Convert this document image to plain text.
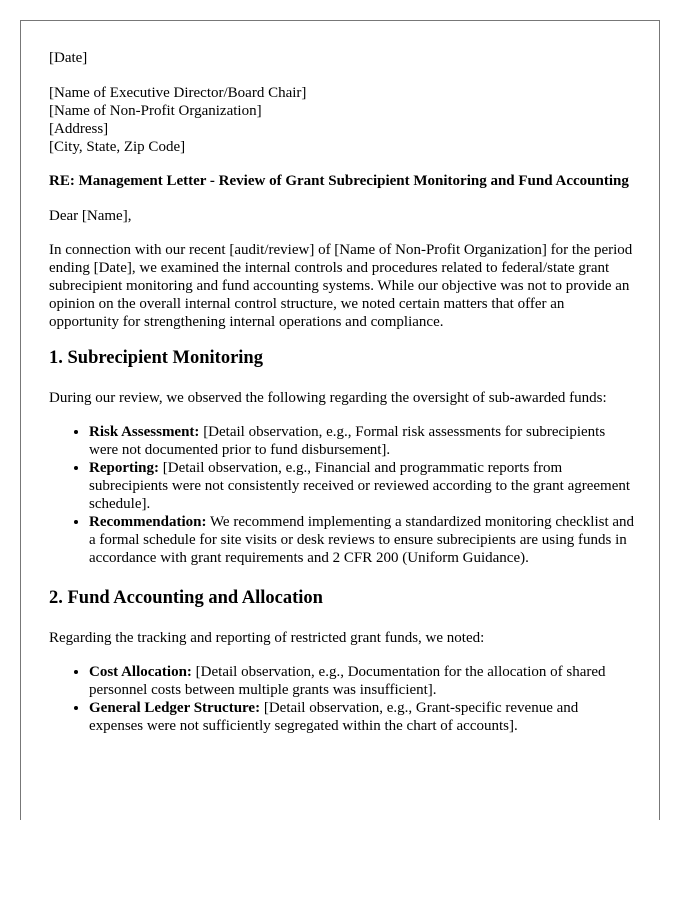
[Date]

[Name of Executive Director/Board Chair]
[Name of Non-Profit Organization]
[Address]
[City, State, Zip Code]

RE: Management Letter - Review of Grant Subrecipient Monitoring and Fund Accounting

Dear [Name],

In connection with our recent [audit/review] of [Name of Non-Profit Organization] for the period ending [Date], we examined the internal controls and procedures related to federal/state grant subrecipient monitoring and fund accounting systems. While our objective was not to provide an opinion on the overall internal control structure, we noted certain matters that offer an opportunity for strengthening internal operations and compliance.

1. Subrecipient Monitoring

During our review, we observed the following regarding the oversight of sub-awarded funds:

• Risk Assessment: [Detail observation, e.g., Formal risk assessments for subrecipients were not documented prior to fund disbursement].
• Reporting: [Detail observation, e.g., Financial and programmatic reports from subrecipients were not consistently received or reviewed according to the grant agreement schedule].
• Recommendation: We recommend implementing a standardized monitoring checklist and a formal schedule for site visits or desk reviews to ensure subrecipients are using funds in accordance with grant requirements and 2 CFR 200 (Uniform Guidance).
2. Fund Accounting and Allocation

Regarding the tracking and reporting of restricted grant funds, we noted:

• Cost Allocation: [Detail observation, e.g., Documentation for the allocation of shared personnel costs between multiple grants was insufficient].
• General Ledger Structure: [Detail observation, e.g., Grant-specific revenue and expenses were not sufficiently segregated within the chart of accounts].
